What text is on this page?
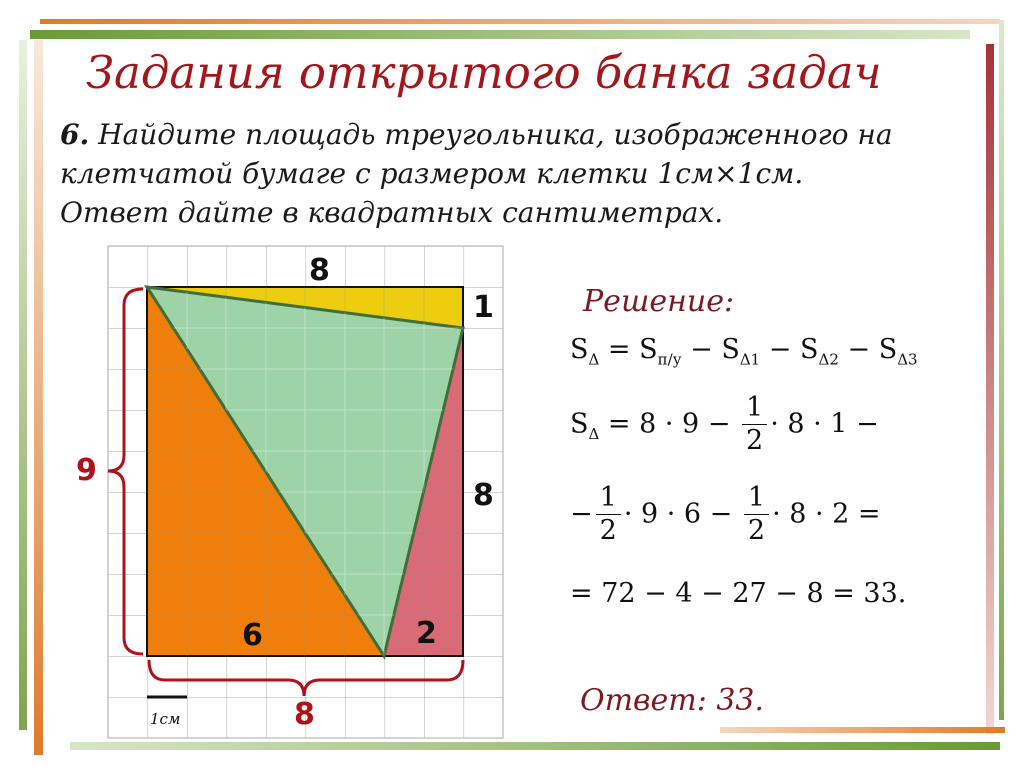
Задания открытого банка задач
6. Найдите площадь треугольника, изображенного на
клетчатой бумаге с размером клетки 1см×1см.
Ответ дайте в квадратных сантиметрах.
8
1
9
8
6	2
8
1см
Решение:
$S_\Delta = S_{п/у} - S_{\Delta 1} - S_{\Delta 2} - S_{\Delta 3}$
$S_\Delta = 8 \cdot 9 - \frac{1}{2} \cdot 8 \cdot 1$ −
− $\frac{1}{2} \cdot 9 \cdot 6 - \frac{1}{2} \cdot 8 \cdot 2$ =
= 72 − 4 − 27 − 8 = 33.
Ответ: 33.
